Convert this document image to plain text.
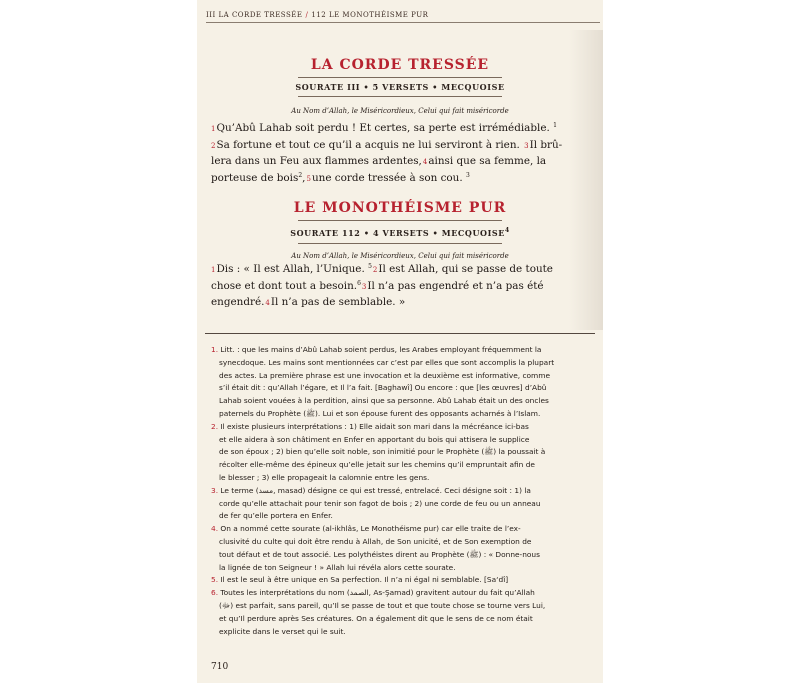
III LA CORDE TRESSÉE / 112 LE MONOTHÉISME PUR
LA CORDE TRESSÉE
SOURATE III • 5 VERSETS • MECQUOISE
Au Nom d’Allah, le Miséricordieux, Celui qui fait miséricorde
1Qu’Abû Lahab soit perdu ! Et certes, sa perte est irrémédiable. $^1$
2Sa fortune et tout ce qu’il a acquis ne lui serviront à rien. 3Il brû-
lera dans un Feu aux flammes ardentes,4ainsi que sa femme, la
porteuse de bois$^2$,5une corde tressée à son cou. $^3$
LE MONOTHÉISME PUR
SOURATE 112 • 4 VERSETS • MECQUOISE$^4$
Au Nom d’Allah, le Miséricordieux, Celui qui fait miséricorde
1Dis : « Il est Allah, l’Unique. $^5$2Il est Allah, qui se passe de toute
chose et dont tout a besoin.$^6$3Il n’a pas engendré et n’a pas été
engendré.4Il n’a pas de semblable. »
1. Litt. : que les mains d’Abû Lahab soient perdus, les Arabes employant fréquemment la
synecdoque. Les mains sont mentionnées car c’est par elles que sont accomplis la plupart
des actes. La première phrase est une invocation et la deuxième est informative, comme
s’il était dit : qu’Allah l’égare, et Il l’a fait. [Baghawî] Ou encore : que [les œuvres] d’Abû
Lahab soient vouées à la perdition, ainsi que sa personne. Abû Lahab était un des oncles
paternels du Prophète (ﷺ). Lui et son épouse furent des opposants acharnés à l’Islam.
2. Il existe plusieurs interprétations : 1) Elle aidait son mari dans la mécréance ici-bas
et elle aidera à son châtiment en Enfer en apportant du bois qui attisera le supplice
de son époux ; 2) bien qu’elle soit noble, son inimitié pour le Prophète (ﷺ) la poussait à
récolter elle-même des épineux qu’elle jetait sur les chemins qu’il empruntait afin de
le blesser ; 3) elle propageait la calomnie entre les gens.
3. Le terme (مسد, masad) désigne ce qui est tressé, entrelacé. Ceci désigne soit : 1) la
corde qu’elle attachait pour tenir son fagot de bois ; 2) une corde de feu ou un anneau
de fer qu’elle portera en Enfer.
4. On a nommé cette sourate (al-ikhlâs, Le Monothéisme pur) car elle traite de l’ex-
clusivité du culte qui doit être rendu à Allah, de Son unicité, et de Son exemption de
tout défaut et de tout associé. Les polythéistes dirent au Prophète (ﷺ) : « Donne-nous
la lignée de ton Seigneur ! » Allah lui révéla alors cette sourate.
5. Il est le seul à être unique en Sa perfection. Il n’a ni égal ni semblable. [Sa‘dî]
6. Toutes les interprétations du nom (الصمد, As-Şamad) gravitent autour du fait qu’Allah
(ﷻ) est parfait, sans pareil, qu’Il se passe de tout et que toute chose se tourne vers Lui,
et qu’Il perdure après Ses créatures. On a également dit que le sens de ce nom était
explicite dans le verset qui le suit.
710
